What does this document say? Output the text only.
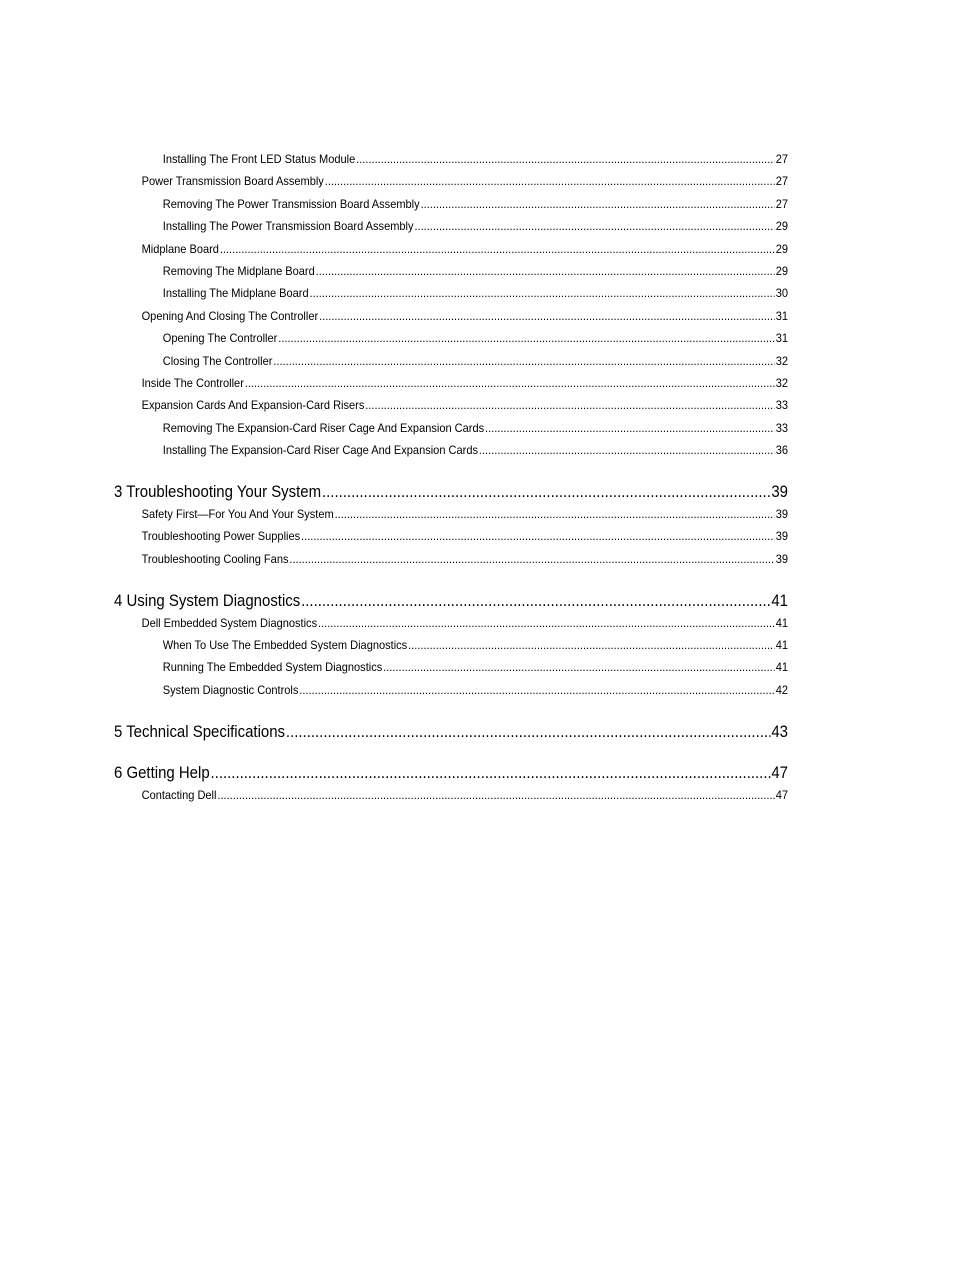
Installing The Front LED Status Module .....	27
Power Transmission Board Assembly .....	27
Removing The Power Transmission Board Assembly .....	27
Installing The Power Transmission Board Assembly .....	29
Midplane Board .....	29
Removing The Midplane Board .....	29
Installing The Midplane Board .....	30
Opening And Closing The Controller .....	31
Opening The Controller .....	31
Closing The Controller .....	32
Inside The Controller .....	32
Expansion Cards And Expansion-Card Risers .....	33
Removing The Expansion-Card Riser Cage And Expansion Cards .....	33
Installing The Expansion-Card Riser Cage And Expansion Cards .....	36
3 Troubleshooting Your System .....	39
Safety First—For You And Your System .....	39
Troubleshooting Power Supplies .....	39
Troubleshooting Cooling Fans .....	39
4 Using System Diagnostics .....	41
Dell Embedded System Diagnostics .....	41
When To Use The Embedded System Diagnostics .....	41
Running The Embedded System Diagnostics .....	41
System Diagnostic Controls .....	42
5 Technical Specifications .....	43
6 Getting Help .....	47
Contacting Dell .....	47
